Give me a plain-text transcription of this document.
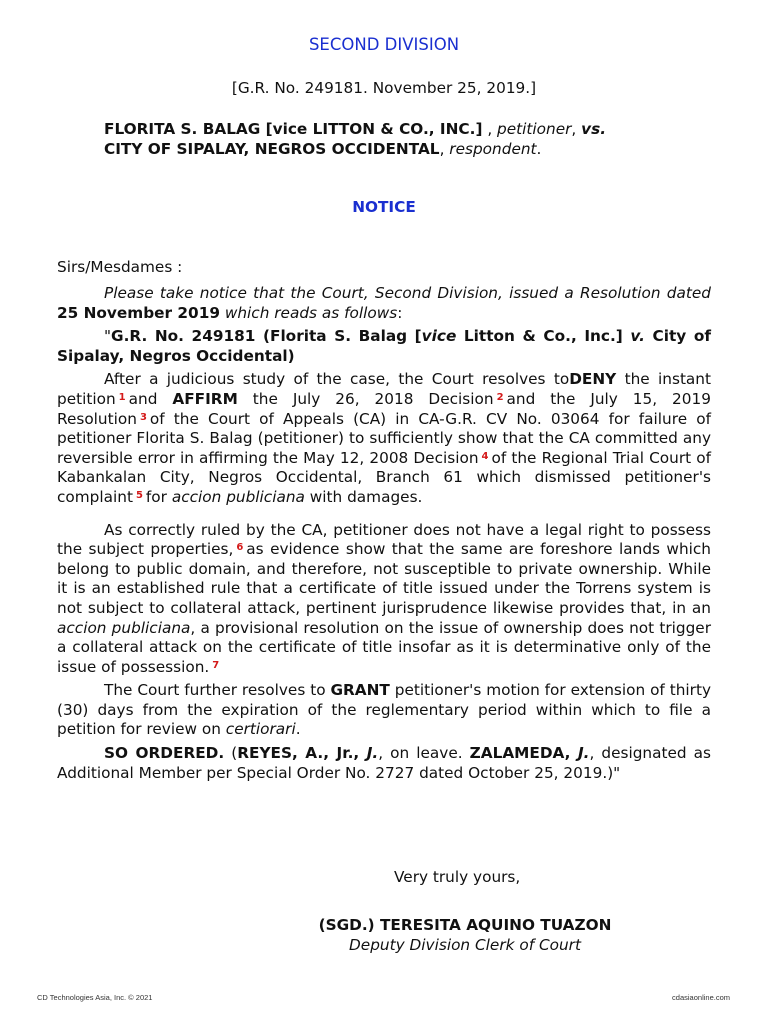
SECOND DIVISION
[G.R. No. 249181. November 25, 2019.]
FLORITA S. BALAG [vice LITTON & CO., INC.] , petitioner, vs.
CITY OF SIPALAY, NEGROS OCCIDENTAL, respondent.
NOTICE
Sirs/Mesdames :

Please take notice that the Court, Second Division, issued a Resolution dated 25 November 2019 which reads as follows:

"G.R. No. 249181 (Florita S. Balag [vice Litton & Co., Inc.] v. City of Sipalay, Negros Occidental)

After a judicious study of the case, the Court resolves toDENY the instant petition $^1$ and AFFIRM the July 26, 2018 Decision $^2$ and the July 15, 2019 Resolution $^3$ of the Court of Appeals (CA) in CA-G.R. CV No. 03064 for failure of petitioner Florita S. Balag (petitioner) to sufficiently show that the CA committed any reversible error in affirming the May 12, 2008 Decision $^4$ of the Regional Trial Court of Kabankalan City, Negros Occidental, Branch 61 which dismissed petitioner's complaint $^5$ for accion publiciana with damages.

As correctly ruled by the CA, petitioner does not have a legal right to possess the subject properties, $^6$ as evidence show that the same are foreshore lands which belong to public domain, and therefore, not susceptible to private ownership. While it is an established rule that a certificate of title issued under the Torrens system is not subject to collateral attack, pertinent jurisprudence likewise provides that, in an accion publiciana, a provisional resolution on the issue of ownership does not trigger a collateral attack on the certificate of title insofar as it is determinative only of the issue of possession. $^7$

The Court further resolves to GRANT petitioner's motion for extension of thirty (30) days from the expiration of the reglementary period within which to file a petition for review on certiorari.

SO ORDERED. (REYES, A., Jr., J., on leave. ZALAMEDA, J., designated as Additional Member per Special Order No. 2727 dated October 25, 2019.)"

Very truly yours,
(SGD.) TERESITA AQUINO TUAZON
Deputy Division Clerk of Court
CD Technologies Asia, Inc. © 2021	cdasiaonline.com
